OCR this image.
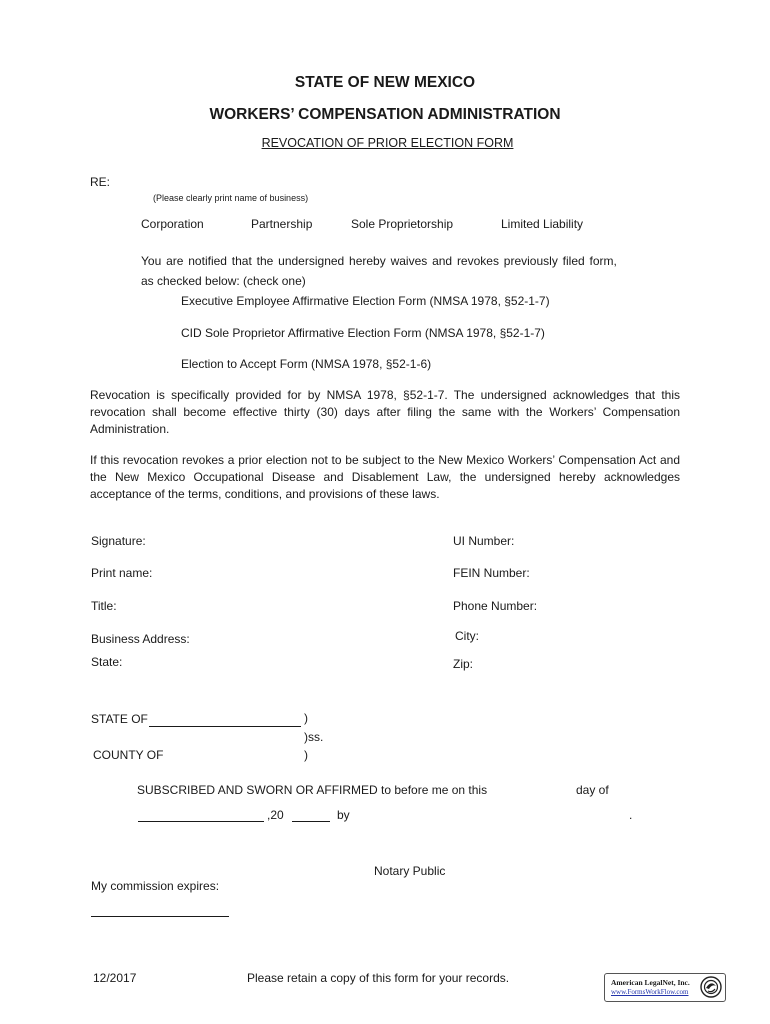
STATE OF NEW MEXICO
WORKERS’ COMPENSATION ADMINISTRATION
REVOCATION OF PRIOR ELECTION FORM
RE:
(Please clearly print name of business)
Corporation	Partnership	Sole Proprietorship	Limited Liability
You are notified that the undersigned hereby waives and revokes previously filed form,
as checked below: (check one)
Executive Employee Affirmative Election Form (NMSA 1978, §52-1-7)
CID Sole Proprietor Affirmative Election Form (NMSA 1978, §52-1-7)
Election to Accept Form (NMSA 1978, §52-1-6)
Revocation is specifically provided for by NMSA 1978, §52-1-7. The undersigned acknowledges that this revocation shall become effective thirty (30) days after filing the same with the Workers’ Compensation Administration.
If this revocation revokes a prior election not to be subject to the New Mexico Workers’ Compensation Act and the New Mexico Occupational Disease and Disablement Law, the undersigned hereby acknowledges acceptance of the terms, conditions, and provisions of these laws.
Signature:	UI Number:
Print name:	FEIN Number:
Title:	Phone Number:
Business Address:	City:
State:	Zip:
STATE OF	)
)ss.
COUNTY OF	)
SUBSCRIBED AND SWORN OR AFFIRMED to before me on this	day of
,20	by	.
Notary Public
My commission expires:
12/2017	Please retain a copy of this form for your records.	American LegalNet, Inc.
www.FormsWorkFlow.com
